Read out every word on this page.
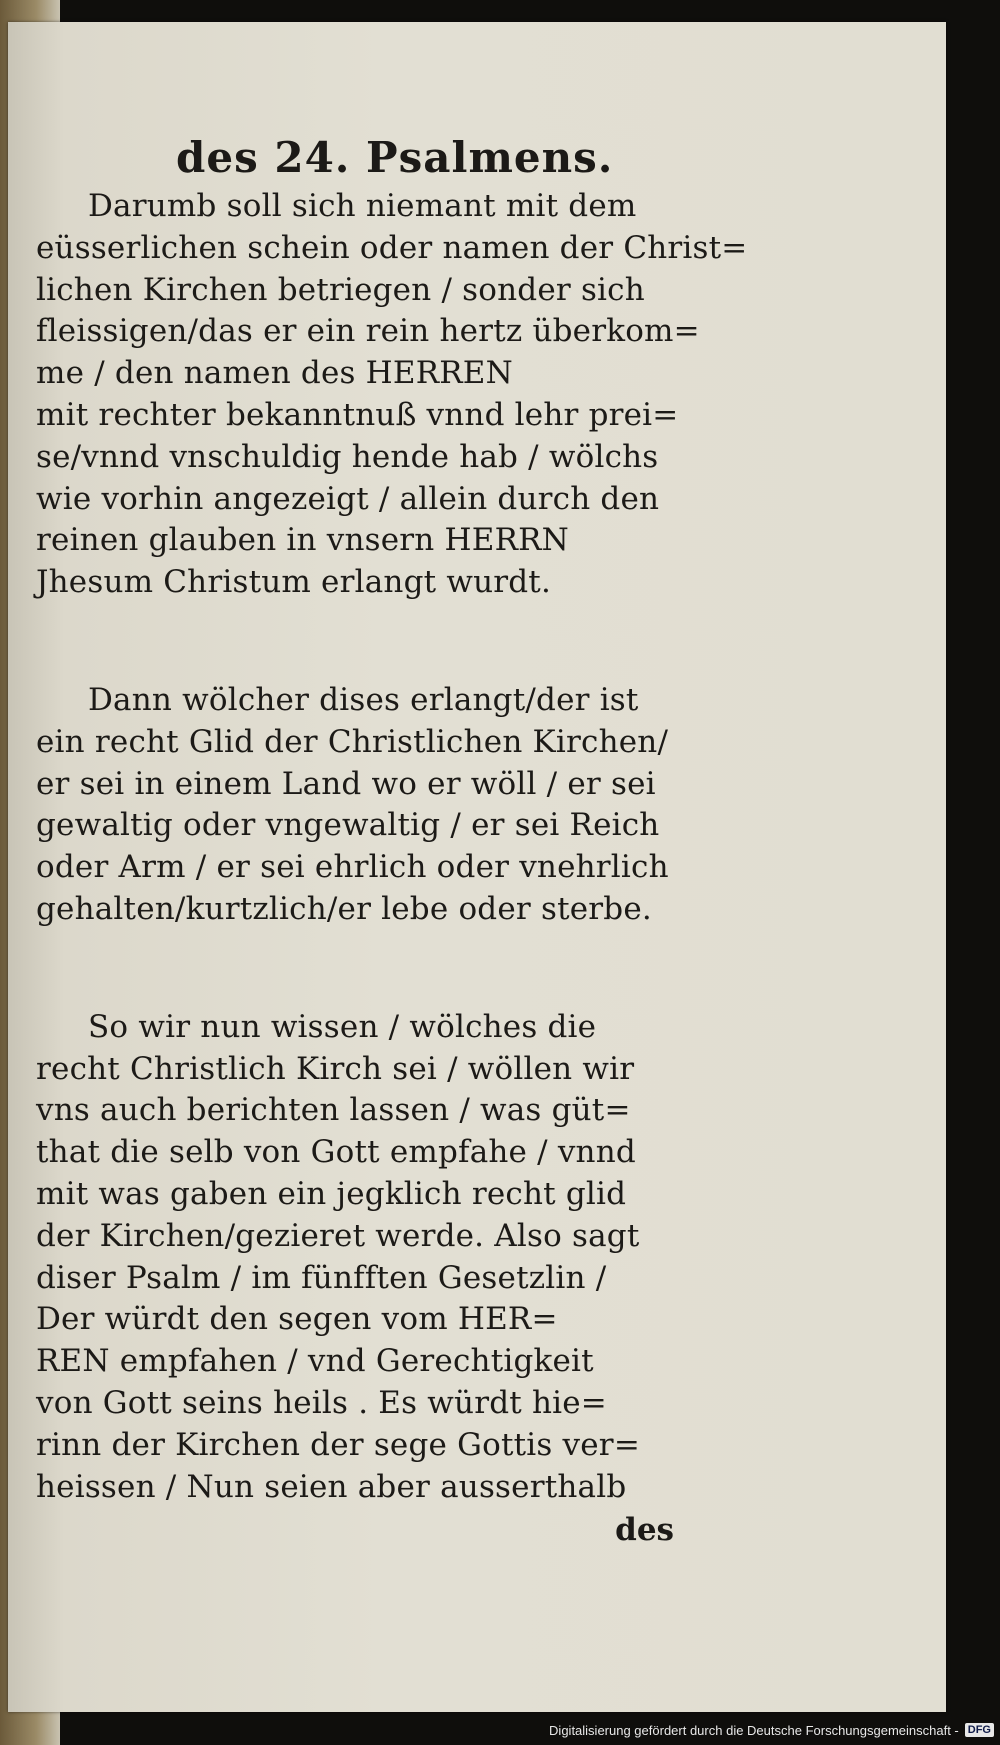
des 24. Psalmens.
Darumb soll sich niemant mit dem
eüsserlichen schein oder namen der Christ=
lichen Kirchen betriegen / sonder sich
fleissigen/das er ein rein hertz überkom=
me / den namen des HERREN
mit rechter bekanntnuß vnnd lehr prei=
se/vnnd vnschuldig hende hab / wölchs
wie vorhin angezeigt / allein durch den
reinen glauben in vnsern HERRN
Jhesum Christum erlangt wurdt.
Dann wölcher dises erlangt/der ist
ein recht Glid der Christlichen Kirchen/
er sei in einem Land wo er wöll / er sei
gewaltig oder vngewaltig / er sei Reich
oder Arm / er sei ehrlich oder vnehrlich
gehalten/kurtzlich/er lebe oder sterbe.
So wir nun wissen / wölches die
recht Christlich Kirch sei / wöllen wir
vns auch berichten lassen / was güt=
that die selb von Gott empfahe / vnnd
mit was gaben ein jegklich recht glid
der Kirchen/gezieret werde. Also sagt
diser Psalm / im fünfften Gesetzlin /
Der würdt den segen vom HER=
REN empfahen / vnd Gerechtigkeit
von Gott seins heils . Es würdt hie=
rinn der Kirchen der sege Gottis ver=
heissen / Nun seien aber ausserthalb
des
Digitalisierung gefördert durch die Deutsche Forschungsgemeinschaft - DFG
